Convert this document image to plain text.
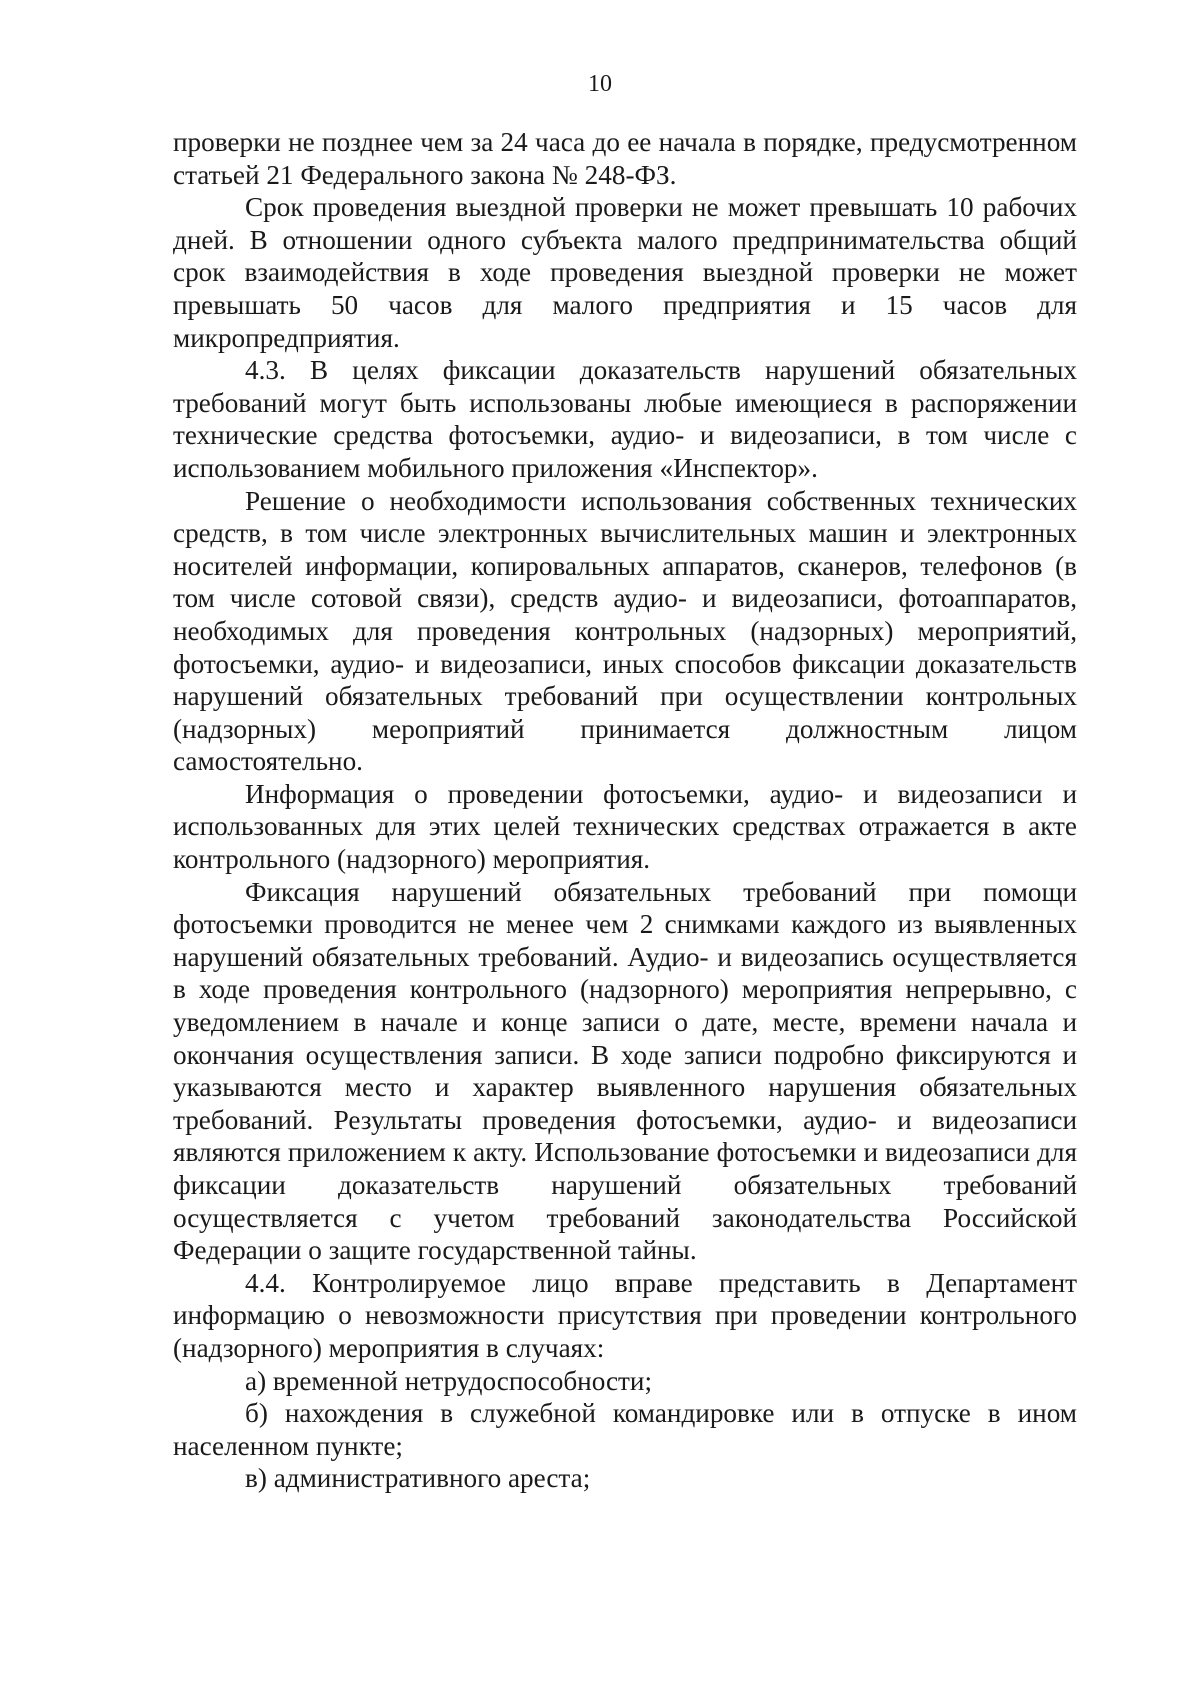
10

проверки не позднее чем за 24 часа до ее начала в порядке, предусмотренном статьей 21 Федерального закона № 248-ФЗ.

Срок проведения выездной проверки не может превышать 10 рабочих дней. В отношении одного субъекта малого предпринимательства общий срок взаимодействия в ходе проведения выездной проверки не может превышать 50 часов для малого предприятия и 15 часов для микропредприятия.

4.3. В целях фиксации доказательств нарушений обязательных требований могут быть использованы любые имеющиеся в распоряжении технические средства фотосъемки, аудио- и видеозаписи, в том числе с использованием мобильного приложения «Инспектор».

Решение о необходимости использования собственных технических средств, в том числе электронных вычислительных машин и электронных носителей информации, копировальных аппаратов, сканеров, телефонов (в том числе сотовой связи), средств аудио- и видеозаписи, фотоаппаратов, необходимых для проведения контрольных (надзорных) мероприятий, фотосъемки, аудио- и видеозаписи, иных способов фиксации доказательств нарушений обязательных требований при осуществлении контрольных (надзорных) мероприятий принимается должностным лицом самостоятельно.

Информация о проведении фотосъемки, аудио- и видеозаписи и использованных для этих целей технических средствах отражается в акте контрольного (надзорного) мероприятия.

Фиксация нарушений обязательных требований при помощи фотосъемки проводится не менее чем 2 снимками каждого из выявленных нарушений обязательных требований. Аудио- и видеозапись осуществляется в ходе проведения контрольного (надзорного) мероприятия непрерывно, с уведомлением в начале и конце записи о дате, месте, времени начала и окончания осуществления записи. В ходе записи подробно фиксируются и указываются место и характер выявленного нарушения обязательных требований. Результаты проведения фотосъемки, аудио- и видеозаписи являются приложением к акту. Использование фотосъемки и видеозаписи для фиксации доказательств нарушений обязательных требований осуществляется с учетом требований законодательства Российской Федерации о защите государственной тайны.

4.4. Контролируемое лицо вправе представить в Департамент информацию о невозможности присутствия при проведении контрольного (надзорного) мероприятия в случаях:

а) временной нетрудоспособности;

б) нахождения в служебной командировке или в отпуске в ином населенном пункте;

в) административного ареста;
